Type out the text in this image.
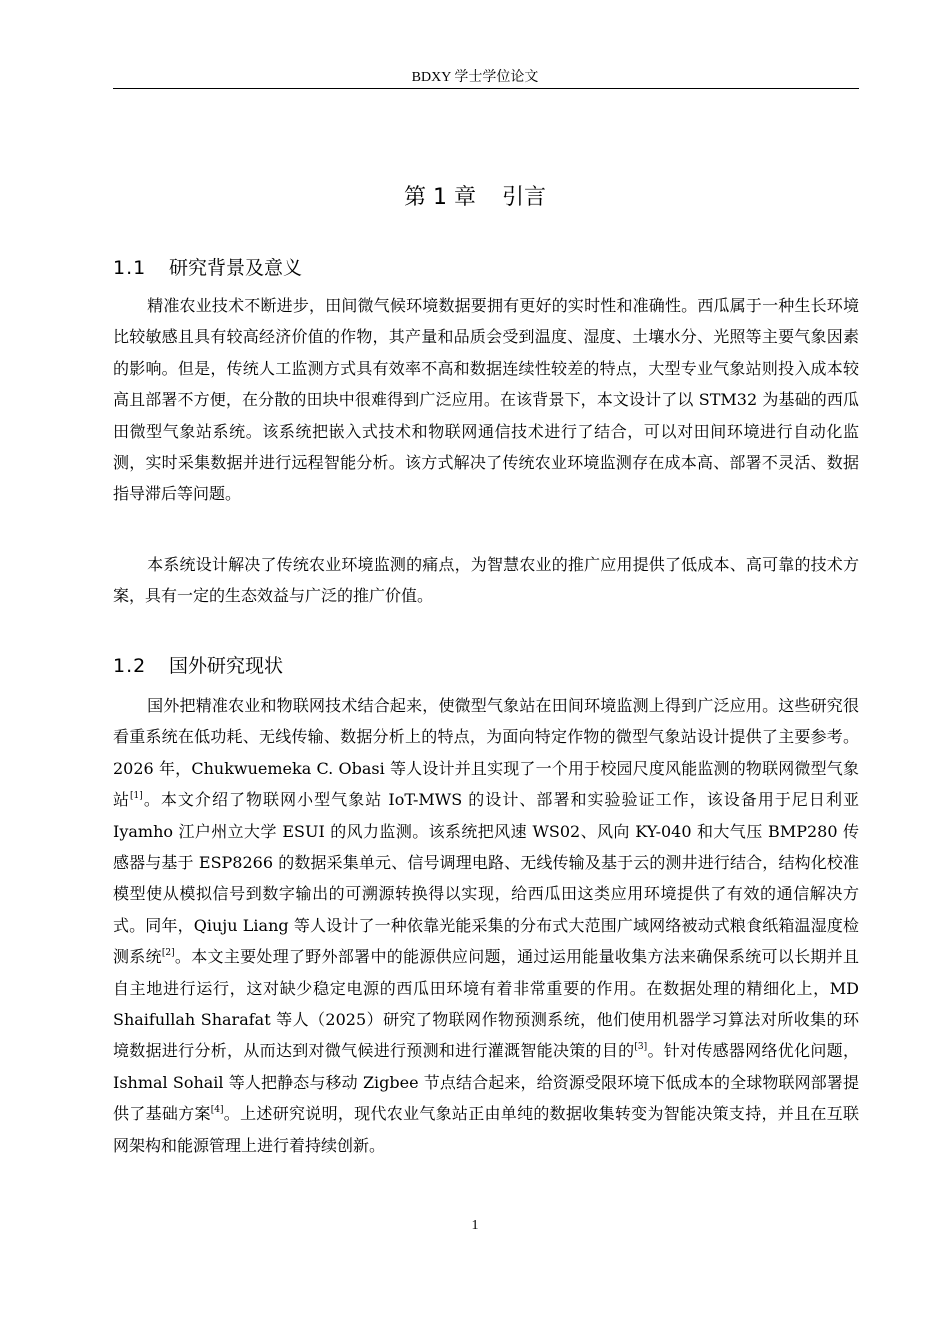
BDXY 学士学位论文
第 1 章 引言
1.1 研究背景及意义

精准农业技术不断进步，田间微气候环境数据要拥有更好的实时性和准确性。西瓜属于一种生长环境比较敏感且具有较高经济价值的作物，其产量和品质会受到温度、湿度、土壤水分、光照等主要气象因素的影响。但是，传统人工监测方式具有效率不高和数据连续性较差的特点，大型专业气象站则投入成本较高且部署不方便，在分散的田块中很难得到广泛应用。在该背景下，本文设计了以 STM32 为基础的西瓜田微型气象站系统。该系统把嵌入式技术和物联网通信技术进行了结合，可以对田间环境进行自动化监测，实时采集数据并进行远程智能分析。该方式解决了传统农业环境监测存在成本高、部署不灵活、数据指导滞后等问题。

本系统设计解决了传统农业环境监测的痛点，为智慧农业的推广应用提供了低成本、高可靠的技术方案，具有一定的生态效益与广泛的推广价值。

1.2 国外研究现状

国外把精准农业和物联网技术结合起来，使微型气象站在田间环境监测上得到广泛应用。这些研究很看重系统在低功耗、无线传输、数据分析上的特点，为面向特定作物的微型气象站设计提供了主要参考。2026 年，Chukwuemeka C. Obasi 等人设计并且实现了一个用于校园尺度风能监测的物联网微型气象站[1]。本文介绍了物联网小型气象站 IoT-MWS 的设计、部署和实验验证工作，该设备用于尼日利亚 Iyamho 江户州立大学 ESUI 的风力监测。该系统把风速 WS02、风向 KY-040 和大气压 BMP280 传感器与基于 ESP8266 的数据采集单元、信号调理电路、无线传输及基于云的测井进行结合，结构化校准模型使从模拟信号到数字输出的可溯源转换得以实现，给西瓜田这类应用环境提供了有效的通信解决方式。同年，Qiuju Liang 等人设计了一种依靠光能采集的分布式大范围广域网络被动式粮食纸箱温湿度检测系统[2]。本文主要处理了野外部署中的能源供应问题，通过运用能量收集方法来确保系统可以长期并且自主地进行运行，这对缺少稳定电源的西瓜田环境有着非常重要的作用。在数据处理的精细化上，MD Shaifullah Sharafat 等人（2025）研究了物联网作物预测系统，他们使用机器学习算法对所收集的环境数据进行分析，从而达到对微气候进行预测和进行灌溉智能决策的目的[3]。针对传感器网络优化问题，Ishmal Sohail 等人把静态与移动 Zigbee 节点结合起来，给资源受限环境下低成本的全球物联网部署提供了基础方案[4]。上述研究说明，现代农业气象站正由单纯的数据收集转变为智能决策支持，并且在互联网架构和能源管理上进行着持续创新。

1
